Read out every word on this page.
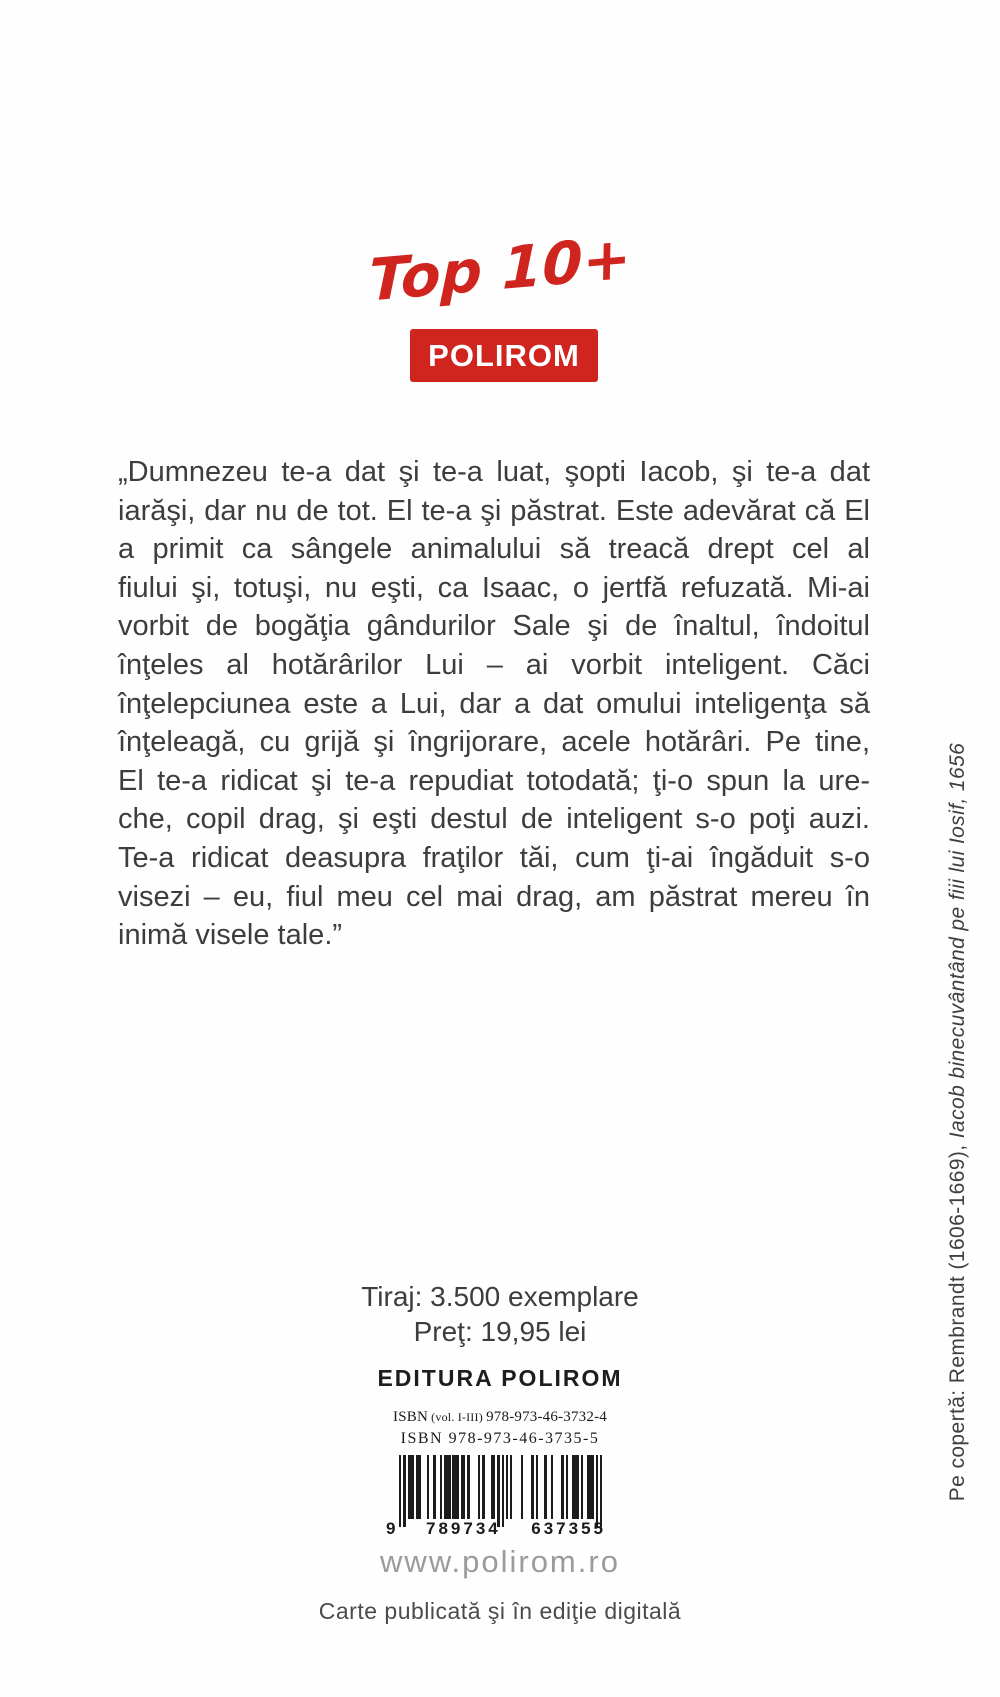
Top 10+
POLIROM
„Dumnezeu te-a dat şi te-a luat, şopti Iacob, şi te-a dat
iarăşi, dar nu de tot. El te-a şi păstrat. Este adevărat că El
a primit ca sângele animalului să treacă drept cel al
fiului şi, totuşi, nu eşti, ca Isaac, o jertfă refuzată. Mi-ai
vorbit de bogăţia gândurilor Sale şi de înaltul, îndoitul
înţeles al hotărârilor Lui – ai vorbit inteligent. Căci
înţelepciunea este a Lui, dar a dat omului inteligenţa să
înţeleagă, cu grijă şi îngrijorare, acele hotărâri. Pe tine,
El te-a ridicat şi te-a repudiat totodată; ţi-o spun la ure-
che, copil drag, şi eşti destul de inteligent s-o poţi auzi.
Te-a ridicat deasupra fraţilor tăi, cum ţi-ai îngăduit s-o
visezi – eu, fiul meu cel mai drag, am păstrat mereu în
inimă visele tale.”
Pe copertă: Rembrandt (1606-1669), Iacob binecuvântând pe fiii lui Iosif, 1656
Tiraj: 3.500 exemplare
Preţ: 19,95 lei
EDITURA POLIROM
ISBN (vol. I-III) 978-973-46-3732-4
ISBN 978-973-46-3735-5
9 789734 637355
www.polirom.ro
Carte publicată şi în ediţie digitală
